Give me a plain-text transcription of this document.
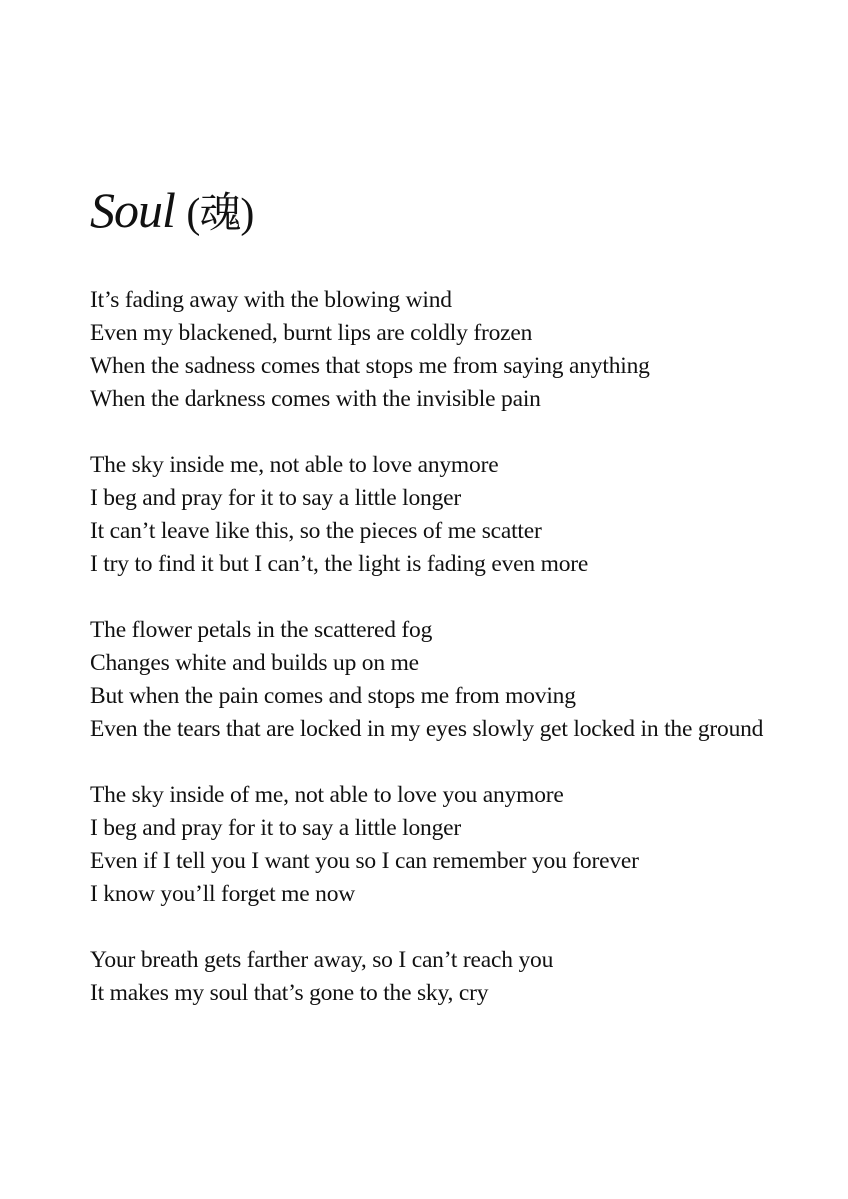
Soul (魂)
It’s fading away with the blowing wind
Even my blackened, burnt lips are coldly frozen
When the sadness comes that stops me from saying anything
When the darkness comes with the invisible pain
The sky inside me, not able to love anymore
I beg and pray for it to say a little longer
It can’t leave like this, so the pieces of me scatter
I try to find it but I can’t, the light is fading even more
The flower petals in the scattered fog
Changes white and builds up on me
But when the pain comes and stops me from moving
Even the tears that are locked in my eyes slowly get locked in the ground
The sky inside of me, not able to love you anymore
I beg and pray for it to say a little longer
Even if I tell you I want you so I can remember you forever
I know you’ll forget me now
Your breath gets farther away, so I can’t reach you
It makes my soul that’s gone to the sky, cry
